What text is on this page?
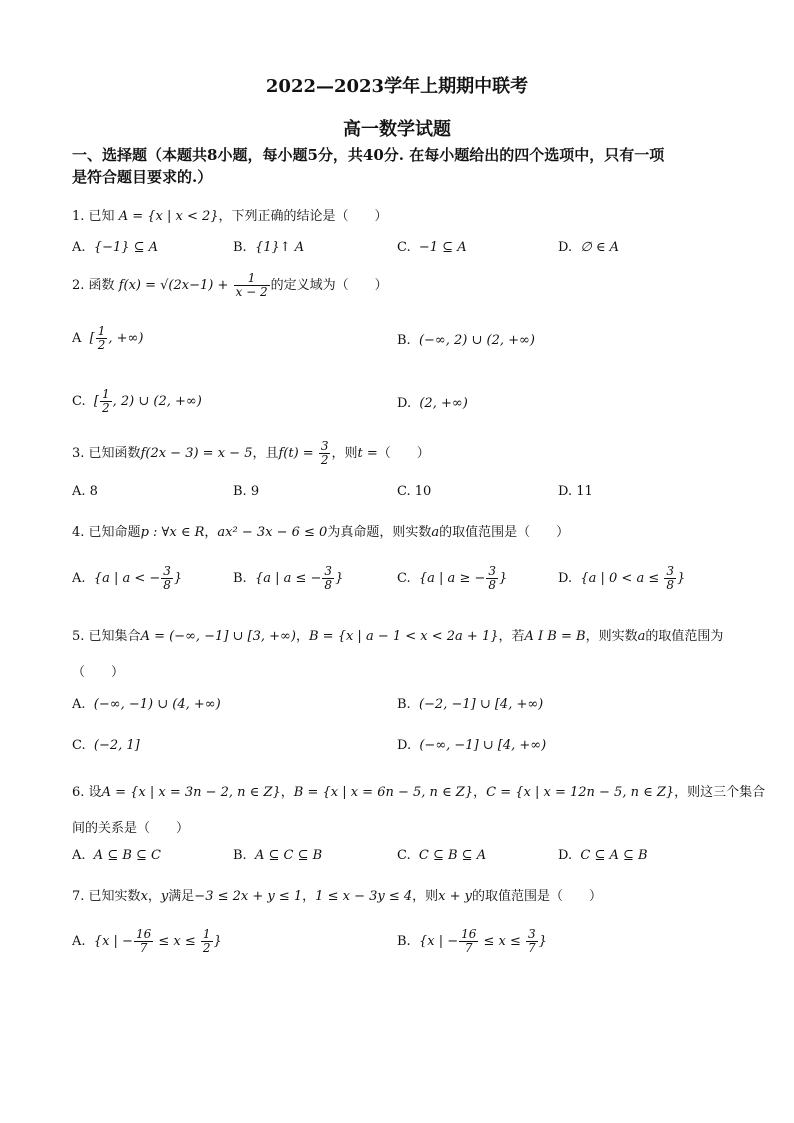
2022—2023学年上期期中联考
高一数学试题
一、选择题（本题共8小题，每小题5分，共40分. 在每小题给出的四个选项中，只有一项
是符合题目要求的.）
1. 已知 A = {x | x < 2}，下列正确的结论是（　　）
A. {−1} ⊆ A	B. {1}↑ A	C. −1 ⊆ A	D. ∅ ∈ A
2. 函数 $f(x) = √(2x-1) + \frac{1}{x - 2}$ 的定义域为（　　）
A [ $\frac{1}{2}$ , +∞)	B. (−∞, 2) ∪ (2, +∞)
C. [ $\frac{1}{2}$ , 2) ∪ (2, +∞)	D. (2, +∞)
3. 已知函数f(2x − 3) = x − 5，且$f(t) = \frac{3}{2}$ ，则t =（　　）
A. 8	B. 9	C. 10	D. 11
4. 已知命题p : ∀x ∈ R，ax² − 3x − 6 ≤ 0为真命题，则实数a的取值范围是（　　）
A. {a | a < − $\frac{3}{8}$ }	B. {a | a ≤ − $\frac{3}{8}$ }	C. {a | a ≥ − $\frac{3}{8}$ }	D. {a | $0 < a \le \frac{3}{8}$ }
5. 已知集合A = (−∞, −1] ∪ [3, +∞)，B = {x | a − 1 < x < 2a + 1}，若A I B = B，则实数a的取值范围为
（　　）
A. (−∞, −1) ∪ (4, +∞)	B. (−2, −1] ∪ [4, +∞)
C. (−2, 1]	D. (−∞, −1] ∪ [4, +∞)
6. 设A = {x | x = 3n − 2, n ∈ Z}，B = {x | x = 6n − 5, n ∈ Z}，C = {x | x = 12n − 5, n ∈ Z}，则这三个集合
间的关系是（　　）
A. A ⊆ B ⊆ C	B. A ⊆ C ⊆ B	C. C ⊆ B ⊆ A	D. C ⊆ A ⊆ B
7. 已知实数x，y满足−3 ≤ 2x + y ≤ 1，1 ≤ x − 3y ≤ 4，则x + y的取值范围是（　　）
A. {x | − $\frac{16}{7} \le x \le \frac{1}{2}$ }	B. {x | − $\frac{16}{7} \le x \le \frac{3}{7}$ }
